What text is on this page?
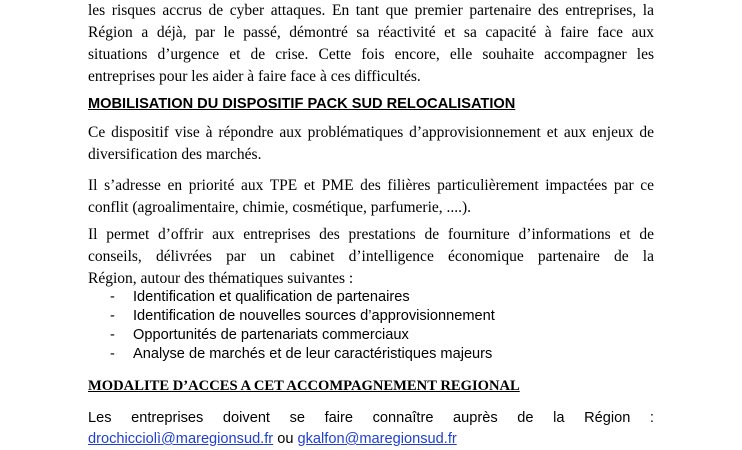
les risques accrus de cyber attaques. En tant que premier partenaire des entreprises, la
Région a déjà, par le passé, démontré sa réactivité et sa capacité à faire face aux
situations d’urgence et de crise. Cette fois encore, elle souhaite accompagner les
entreprises pour les aider à faire face à ces difficultés.
MOBILISATION DU DISPOSITIF PACK SUD RELOCALISATION
Ce dispositif vise à répondre aux problématiques d’approvisionnement et aux enjeux de
diversification des marchés.
Il s’adresse en priorité aux TPE et PME des filières particulièrement impactées par ce
conflit (agroalimentaire, chimie, cosmétique, parfumerie, ....).
Il permet d’offrir aux entreprises des prestations de fourniture d’informations et de
conseils, délivrées par un cabinet d’intelligence économique partenaire de la
Région, autour des thématiques suivantes :
- Identification et qualification de partenaires
- Identification de nouvelles sources d’approvisionnement
- Opportunités de partenariats commerciaux
- Analyse de marchés et de leur caractéristiques majeurs
MODALITE D’ACCES A CET ACCOMPAGNEMENT REGIONAL
Les entreprises doivent se faire connaître auprès de la Région :
drochicciolì@maregionsud.fr ou gkalfon@maregionsud.fr
